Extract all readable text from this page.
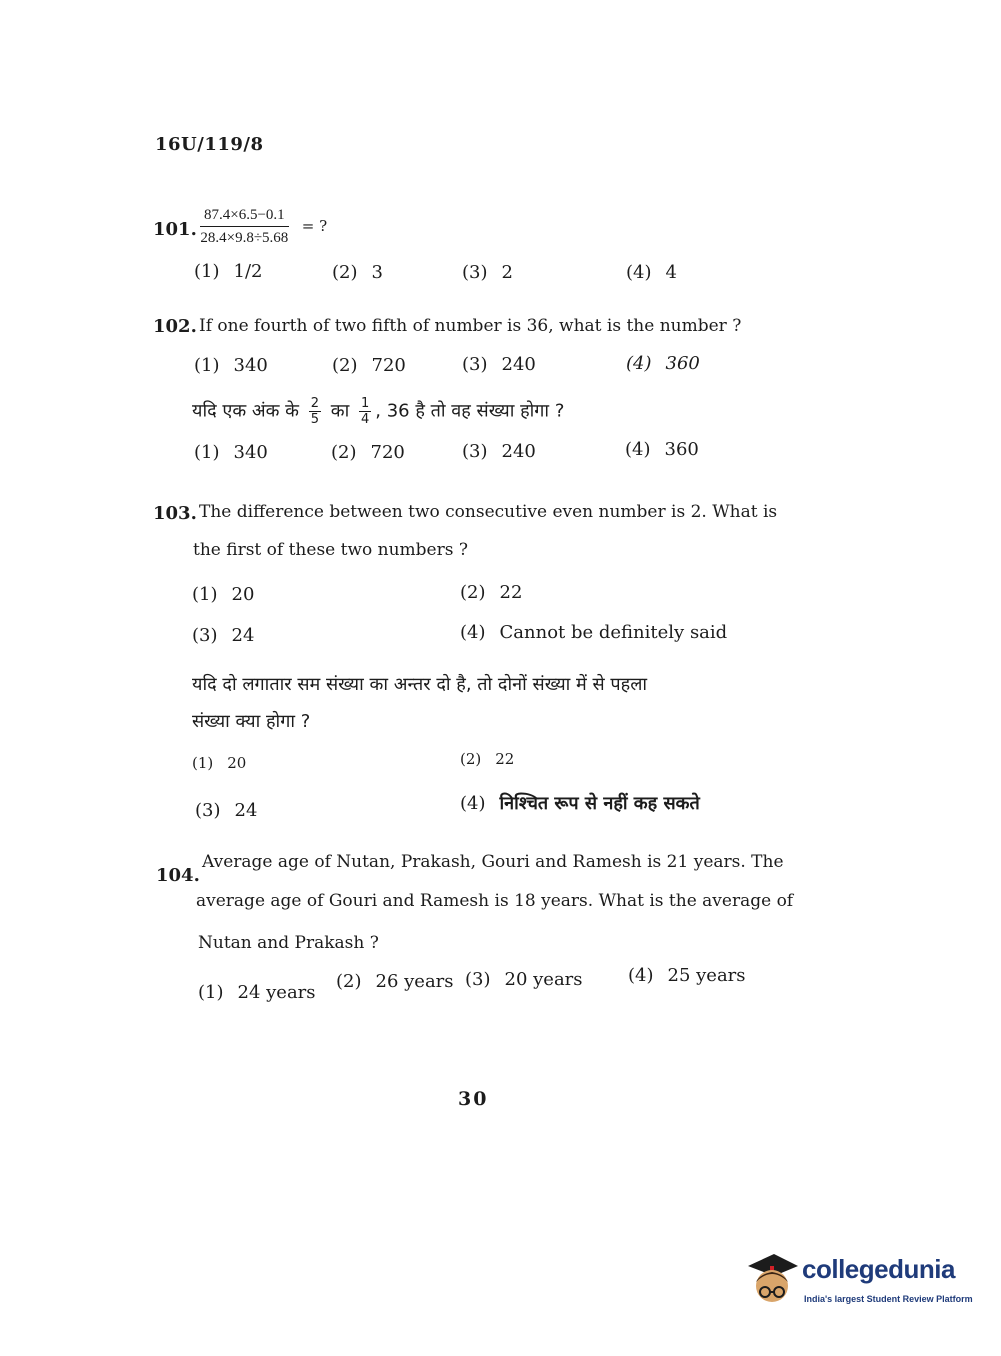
16U/119/8
101. $\frac{87.4\times 6.5-0.1}{28.4\times 9.8\div 5.68}$ = ?
(1) 1/2	(2) 3	(3) 2	(4) 4
102. If one fourth of two fifth of number is 36, what is the number ?
(1) 340	(2) 720	(3) 240	(4) 360
यदि एक अंक के $\frac{2}{5}$ का $\frac{1}{4}$ , 36 है तो वह संख्या होगा ?
(1) 340	(2) 720	(3) 240	(4) 360
103. The difference between two consecutive even number is 2. What is
the first of these two numbers ?
(1) 20	(2) 22
(3) 24	(4) Cannot be definitely said
यदि दो लगातार सम संख्या का अन्तर दो है, तो दोनों संख्या में से पहला
संख्या क्या होगा ?
(1) 20	(2) 22
(3) 24	(4) निश्चित रूप से नहीं कह सकते
104.
Average age of Nutan, Prakash, Gouri and Ramesh is 21 years. The
average age of Gouri and Ramesh is 18 years. What is the average of
Nutan and Prakash ?
(1) 24 years
(2) 26 years (3) 20 years	(4) 25 years
30
collegedunia
India's largest Student Review Platform
